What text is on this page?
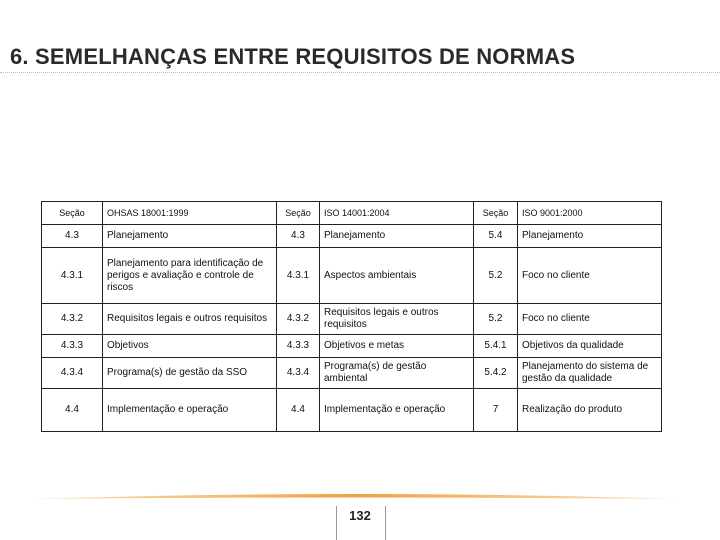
6. SEMELHANÇAS ENTRE REQUISITOS DE NORMAS
Seção	OHSAS 18001:1999	Seção	ISO 14001:2004	Seção	ISO 9001:2000
4.3	Planejamento	4.3	Planejamento	5.4	Planejamento
4.3.1	Planejamento para identificação de perigos e avaliação e controle de riscos	4.3.1	Aspectos ambientais	5.2	Foco no cliente
4.3.2	Requisitos legais e outros requisitos	4.3.2	Requisitos legais e outros requisitos	5.2	Foco no cliente
4.3.3	Objetivos	4.3.3	Objetivos e metas	5.4.1	Objetivos da qualidade
4.3.4	Programa(s) de gestão da SSO	4.3.4	Programa(s) de gestão ambiental	5.4.2	Planejamento do sistema de gestão da qualidade
4.4	Implementação e operação	4.4	Implementação e operação	7	Realização do produto
132
